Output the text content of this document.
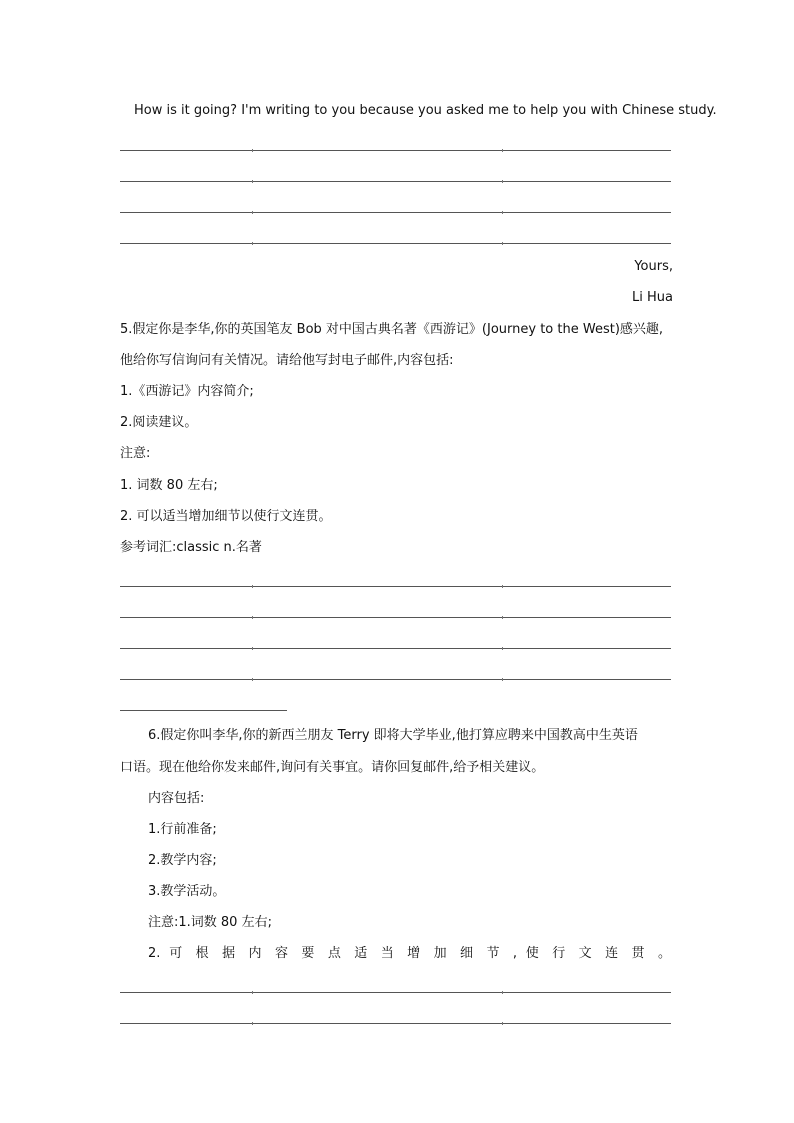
How is it going? I'm writing to you because you asked me to help you with Chinese study.
Yours,
Li Hua
5.假定你是李华,你的英国笔友 Bob 对中国古典名著《西游记》(Journey to the West)感兴趣,
他给你写信询问有关情况。请给他写封电子邮件,内容包括:
1.《西游记》内容简介;
2.阅读建议。
注意:
1. 词数 80 左右;
2. 可以适当增加细节以使行文连贯。
参考词汇:classic n.名著
6.假定你叫李华,你的新西兰朋友 Terry 即将大学毕业,他打算应聘来中国教高中生英语
口语。现在他给你发来邮件,询问有关事宜。请你回复邮件,给予相关建议。
内容包括:
1.行前准备;
2.教学内容;
3.教学活动。
注意:1.词数 80 左右;
2. 可 根 据 内 容 要 点 适 当 增 加 细 节 , 使 行 文 连 贯 。
